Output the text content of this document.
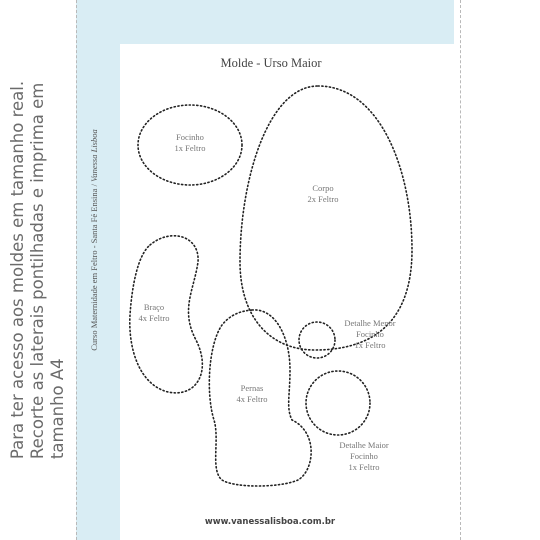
Para ter acesso aos moldes em tamanho real. Recorte as laterais pontilhadas e imprima em tamanho A4
Molde - Urso Maior
Curso Maternidade em Feltro - Santa Fé Ensina / Vanessa Lisboa	Focinho
1x Feltro
Corpo
2x Feltro
Braço
4x Feltro
Pernas
4x Feltro
Detalhe Menor
Focinho
1x Feltro
Detalhe Maior
Focinho
1x Feltro
www.vanessalisboa.com.br
